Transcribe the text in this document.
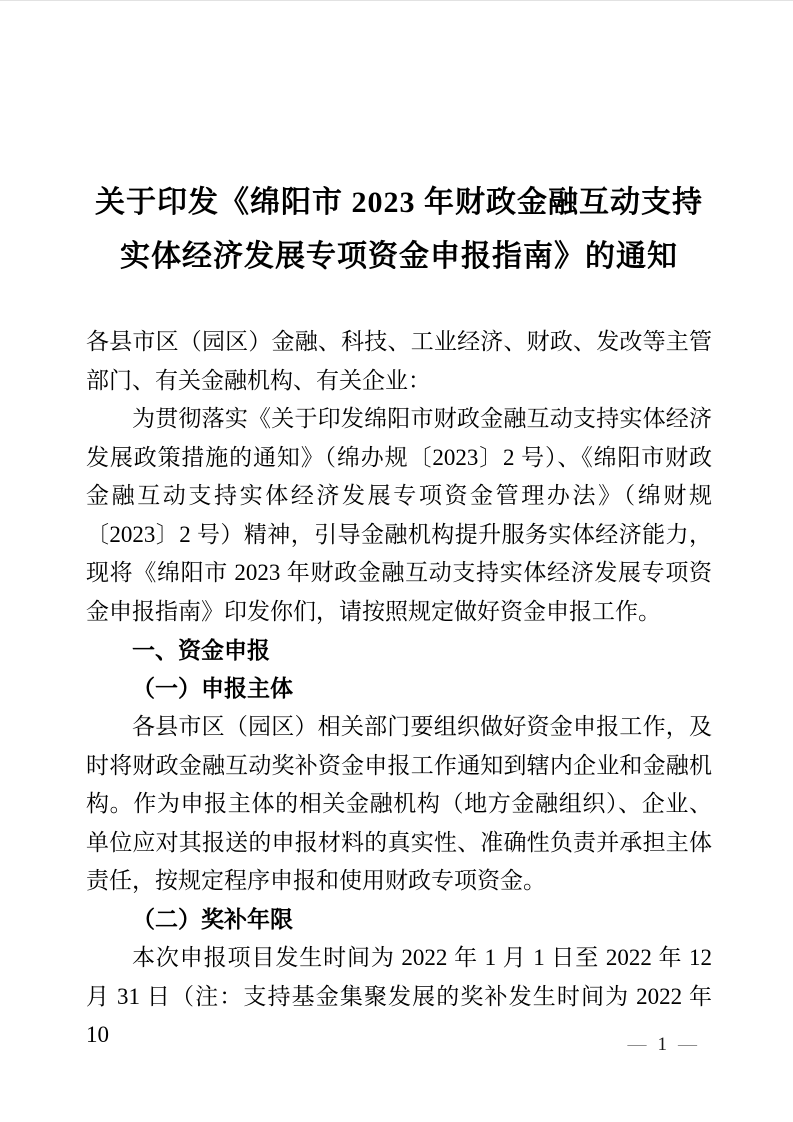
关于印发《绵阳市 2023 年财政金融互动支持
实体经济发展专项资金申报指南》的通知

各县市区（园区）金融、科技、工业经济、财政、发改等主管部门、有关金融机构、有关企业：

为贯彻落实《关于印发绵阳市财政金融互动支持实体经济发展政策措施的通知》（绵办规〔2023〕2 号）、《绵阳市财政金融互动支持实体经济发展专项资金管理办法》（绵财规〔2023〕2 号）精神，引导金融机构提升服务实体经济能力，现将《绵阳市 2023 年财政金融互动支持实体经济发展专项资金申报指南》印发你们，请按照规定做好资金申报工作。

一、资金申报
（一）申报主体

各县市区（园区）相关部门要组织做好资金申报工作，及时将财政金融互动奖补资金申报工作通知到辖内企业和金融机构。作为申报主体的相关金融机构（地方金融组织）、企业、单位应对其报送的申报材料的真实性、准确性负责并承担主体责任，按规定程序申报和使用财政专项资金。

（二）奖补年限

本次申报项目发生时间为 2022 年 1 月 1 日至 2022 年 12 月 31 日（注：支持基金集聚发展的奖补发生时间为 2022 年 10	— 1 —
